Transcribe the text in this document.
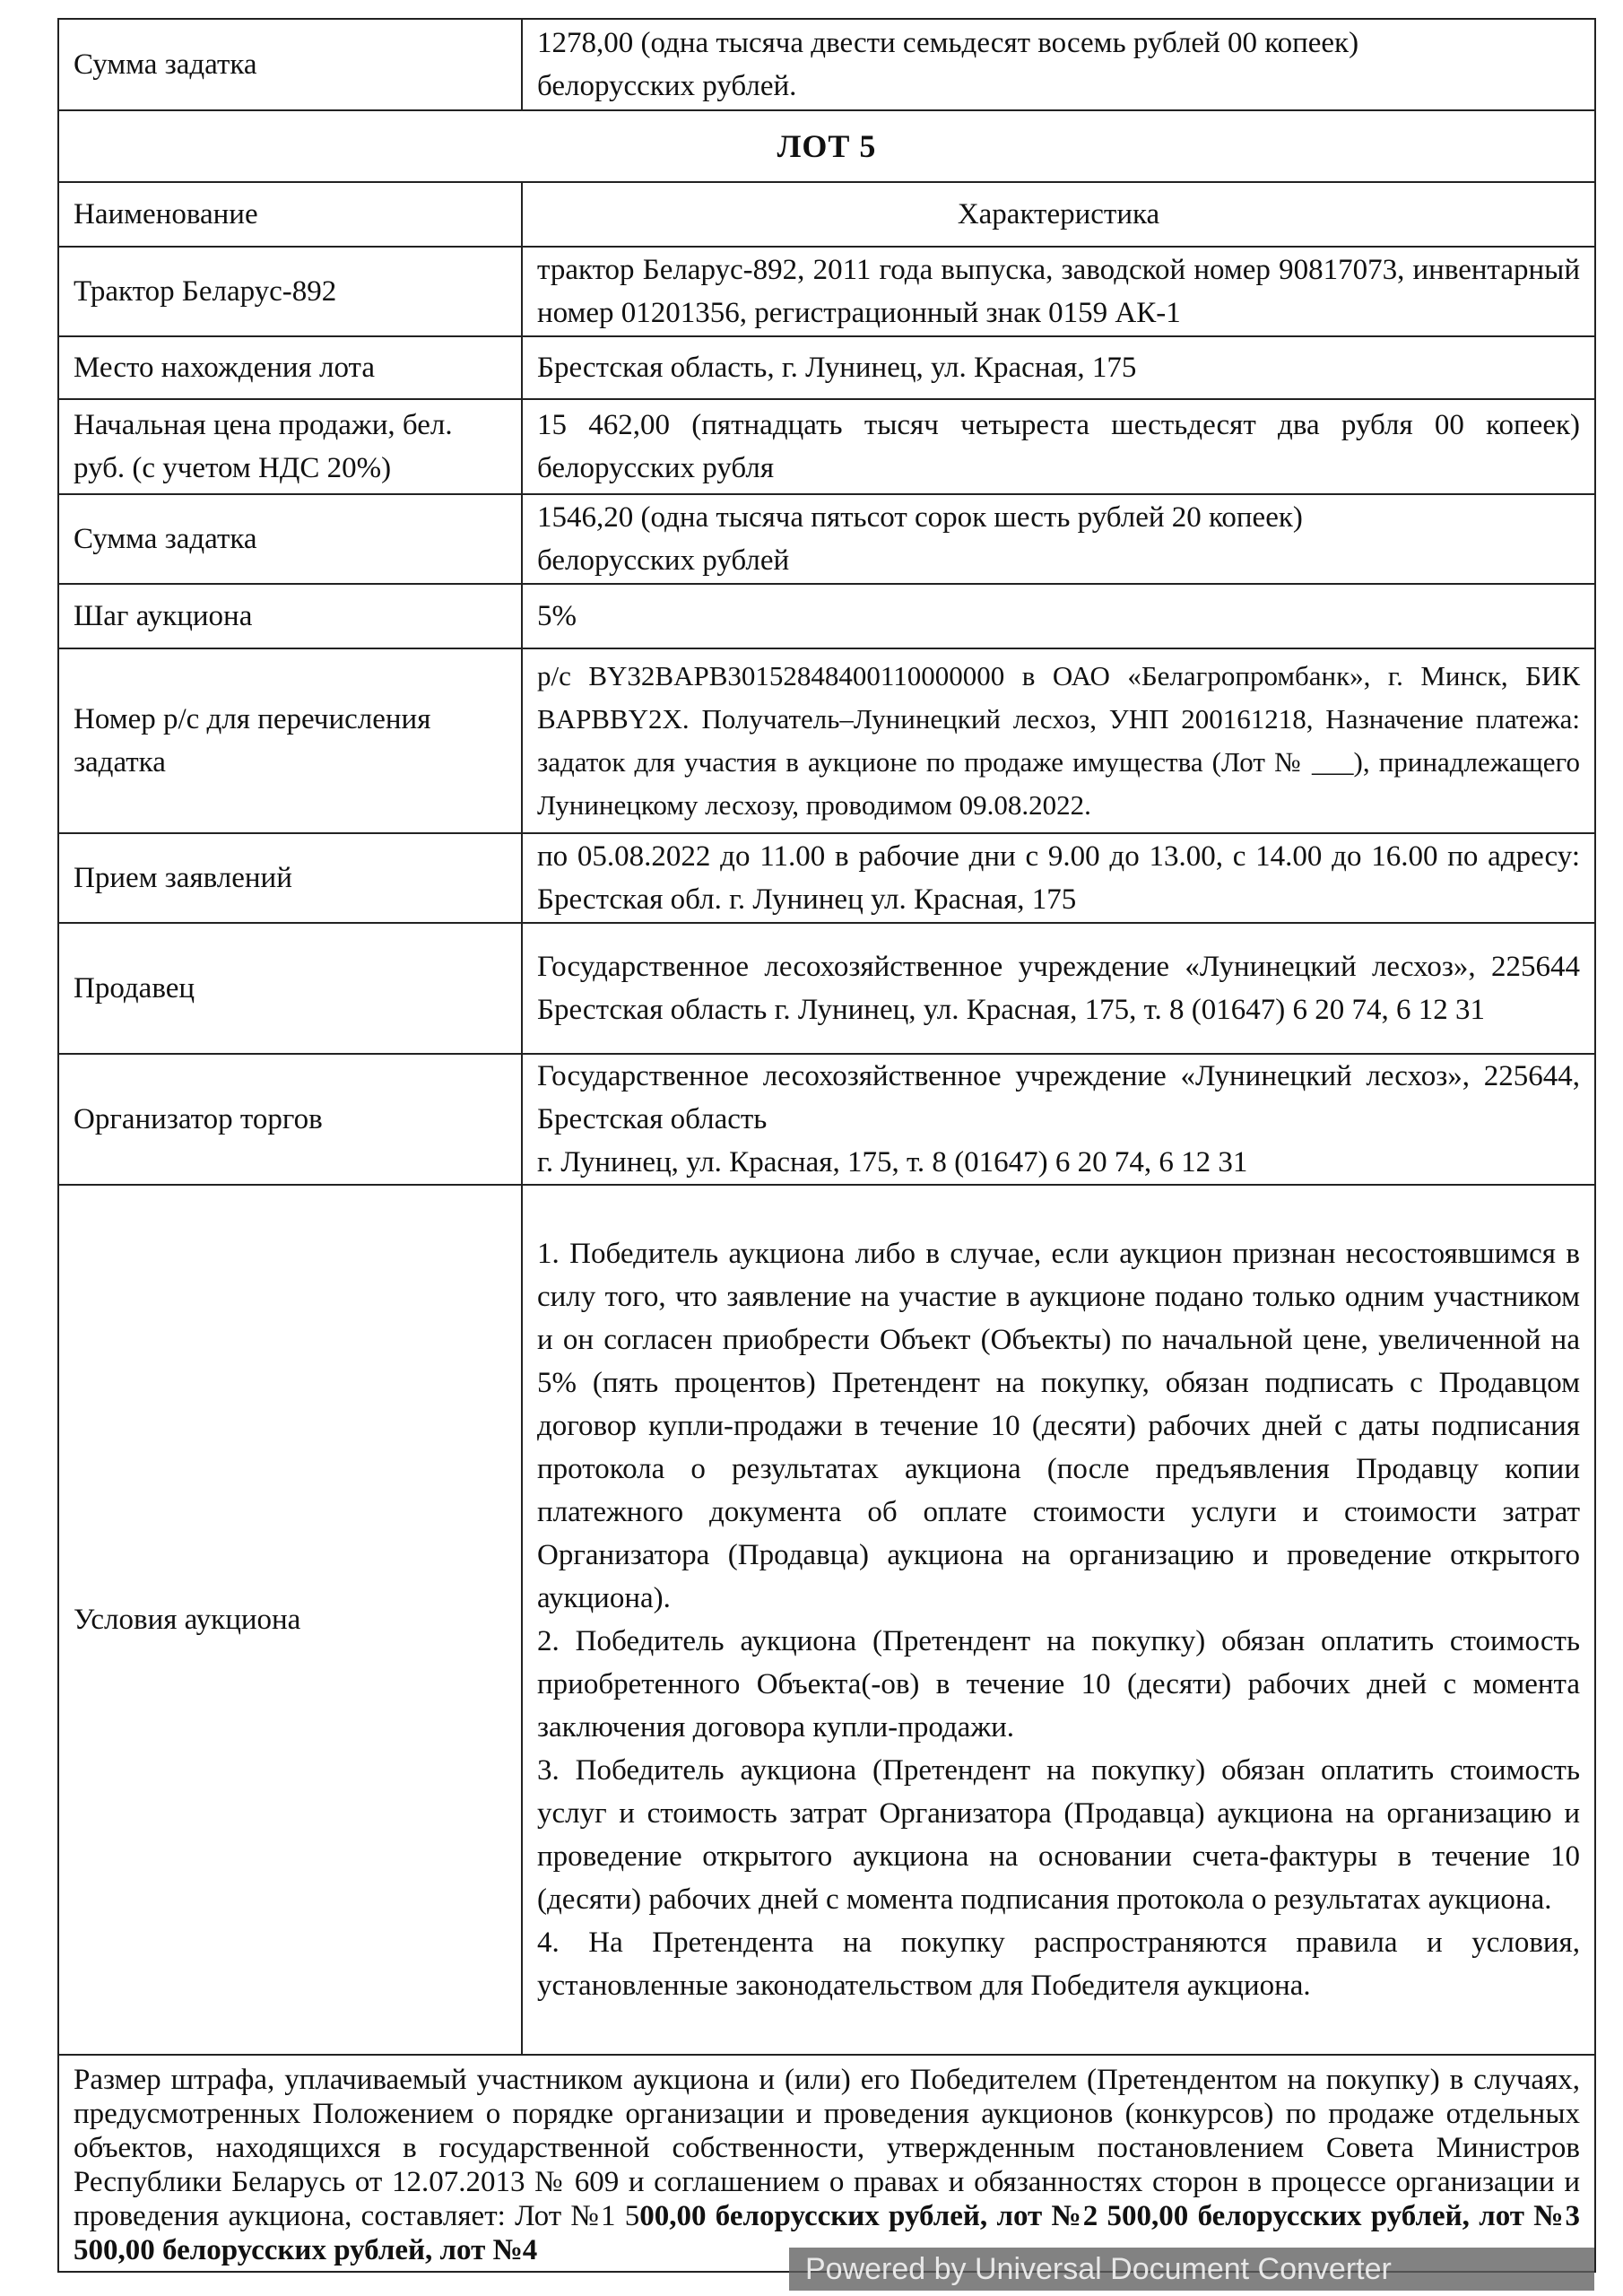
Сумма задатка	1278,00 (одна тысяча двести семьдесят восемь рублей 00 копеек)
белорусских рублей.

ЛОТ 5	
Наименование	Характеристика
Трактор Беларус-892	трактор Беларус-892, 2011 года выпуска, заводской номер 90817073, инвентарный номер 01201356, регистрационный знак 0159 АК-1
Место нахождения лота	Брестская область, г. Лунинец, ул. Красная, 175
Начальная цена продажи, бел. руб. (с учетом НДС 20%)	15 462,00 (пятнадцать тысяч четыреста шестьдесят два рубля 00 копеек) белорусских рубля
Сумма задатка	1546,20 (одна тысяча пятьсот сорок шесть рублей 20 копеек)
белорусских рублей

Шаг аукциона	5%
Номер р/с для перечисления задатка	р/с BY32BAPB30152848400110000000 в ОАО «Белагропромбанк», г. Минск, БИК BAPBBY2X. Получатель–Лунинецкий лесхоз, УНП 200161218, Назначение платежа: задаток для участия в аукционе по продаже имущества (Лот № ___), принадлежащего Лунинецкому лесхозу, проводимом 09.08.2022.
Прием заявлений	по 05.08.2022 до 11.00 в рабочие дни с 9.00 до 13.00, с 14.00 до 16.00 по адресу: Брестская обл. г. Лунинец ул. Красная, 175
Продавец	Государственное лесохозяйственное учреждение «Лунинецкий лесхоз», 225644 Брестская область г. Лунинец, ул. Красная, 175, т. 8 (01647) 6 20 74, 6 12 31
Организатор торгов	Государственное лесохозяйственное учреждение «Лунинецкий лесхоз», 225644, Брестская область
г. Лунинец, ул. Красная, 175, т. 8 (01647) 6 20 74, 6 12 31

Условия аукциона	1. Победитель аукциона либо в случае, если аукцион признан несостоявшимся в силу того, что заявление на участие в аукционе подано только одним участником и он согласен приобрести Объект (Объекты) по начальной цене, увеличенной на 5% (пять процентов) Претендент на покупку, обязан подписать с Продавцом договор купли-продажи в течение 10 (десяти) рабочих дней с даты подписания протокола о результатах аукциона (после предъявления Продавцу копии платежного документа об оплате стоимости услуги и стоимости затрат Организатора (Продавца) аукциона на организацию и проведение открытого аукциона).
2. Победитель аукциона (Претендент на покупку) обязан оплатить стоимость приобретенного Объекта(-ов) в течение 10 (десяти) рабочих дней с момента заключения договора купли-продажи.
3. Победитель аукциона (Претендент на покупку) обязан оплатить стоимость услуг и стоимость затрат Организатора (Продавца) аукциона на организацию и проведение открытого аукциона на основании счета-фактуры в течение 10 (десяти) рабочих дней с момента подписания протокола о результатах аукциона.
4. На Претендента на покупку распространяются правила и условия, установленные законодательством для Победителя аукциона.

Размер штрафа, уплачиваемый участником аукциона и (или) его Победителем (Претендентом на покупку) в случаях, предусмотренных Положением о порядке организации и проведения аукционов (конкурсов) по продаже отдельных объектов, находящихся в государственной собственности, утвержденным постановлением Совета Министров Республики Беларусь от 12.07.2013 № 609 и соглашением о правах и обязанностях сторон в процессе организации и проведения аукциона, составляет: Лот №1 500,00 белорусских рублей, лот №2 500,00 белорусских рублей, лот №3 500,00 белорусских рублей, лот №4	
Powered by Universal Document Converter
